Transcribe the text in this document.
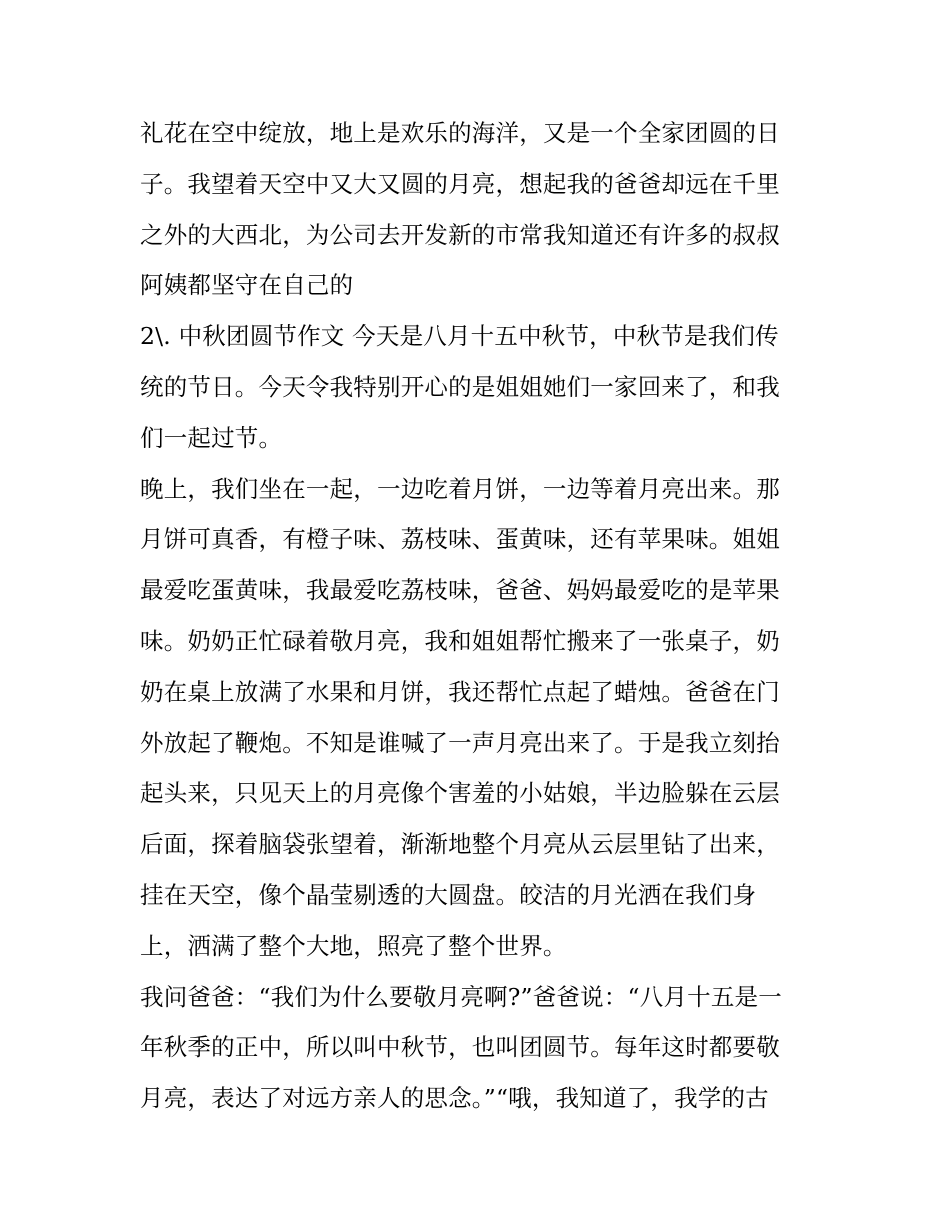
礼花在空中绽放，地上是欢乐的海洋，又是一个全家团圆的日
子。我望着天空中又大又圆的月亮，想起我的爸爸却远在千里
之外的大西北，为公司去开发新的市常我知道还有许多的叔叔
阿姨都坚守在自己的
2\. 中秋团圆节作文 今天是八月十五中秋节，中秋节是我们传
统的节日。今天令我特别开心的是姐姐她们一家回来了，和我
们一起过节。
晚上，我们坐在一起，一边吃着月饼，一边等着月亮出来。那
月饼可真香，有橙子味、荔枝味、蛋黄味，还有苹果味。姐姐
最爱吃蛋黄味，我最爱吃荔枝味，爸爸、妈妈最爱吃的是苹果
味。奶奶正忙碌着敬月亮，我和姐姐帮忙搬来了一张桌子，奶
奶在桌上放满了水果和月饼，我还帮忙点起了蜡烛。爸爸在门
外放起了鞭炮。不知是谁喊了一声月亮出来了。于是我立刻抬
起头来，只见天上的月亮像个害羞的小姑娘，半边脸躲在云层
后面，探着脑袋张望着，渐渐地整个月亮从云层里钻了出来，
挂在天空，像个晶莹剔透的大圆盘。皎洁的月光洒在我们身
上，洒满了整个大地，照亮了整个世界。
我问爸爸：“我们为什么要敬月亮啊?”爸爸说：“八月十五是一
年秋季的正中，所以叫中秋节，也叫团圆节。每年这时都要敬
月亮，表达了对远方亲人的思念。”“哦，我知道了，我学的古
